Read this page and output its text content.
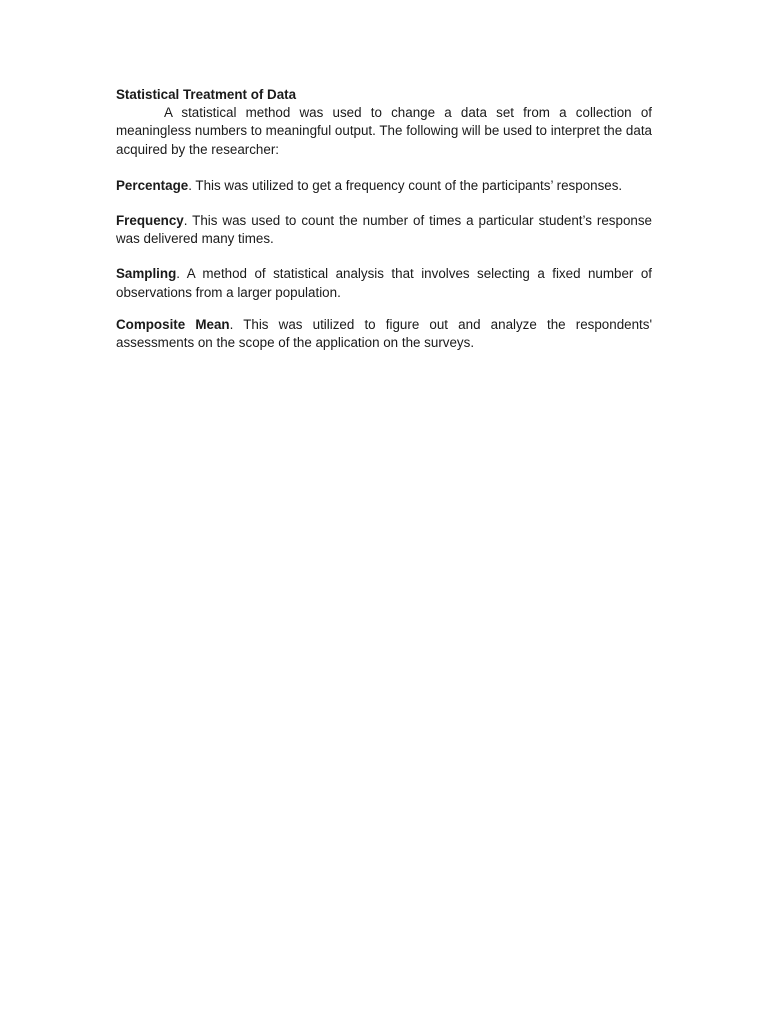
Statistical Treatment of Data

A statistical method was used to change a data set from a collection of meaningless numbers to meaningful output. The following will be used to interpret the data acquired by the researcher:

Percentage. This was utilized to get a frequency count of the participants’ responses.

Frequency. This was used to count the number of times a particular student’s response was delivered many times.

Sampling. A method of statistical analysis that involves selecting a fixed number of observations from a larger population.

Composite Mean. This was utilized to figure out and analyze the respondents' assessments on the scope of the application on the surveys.
